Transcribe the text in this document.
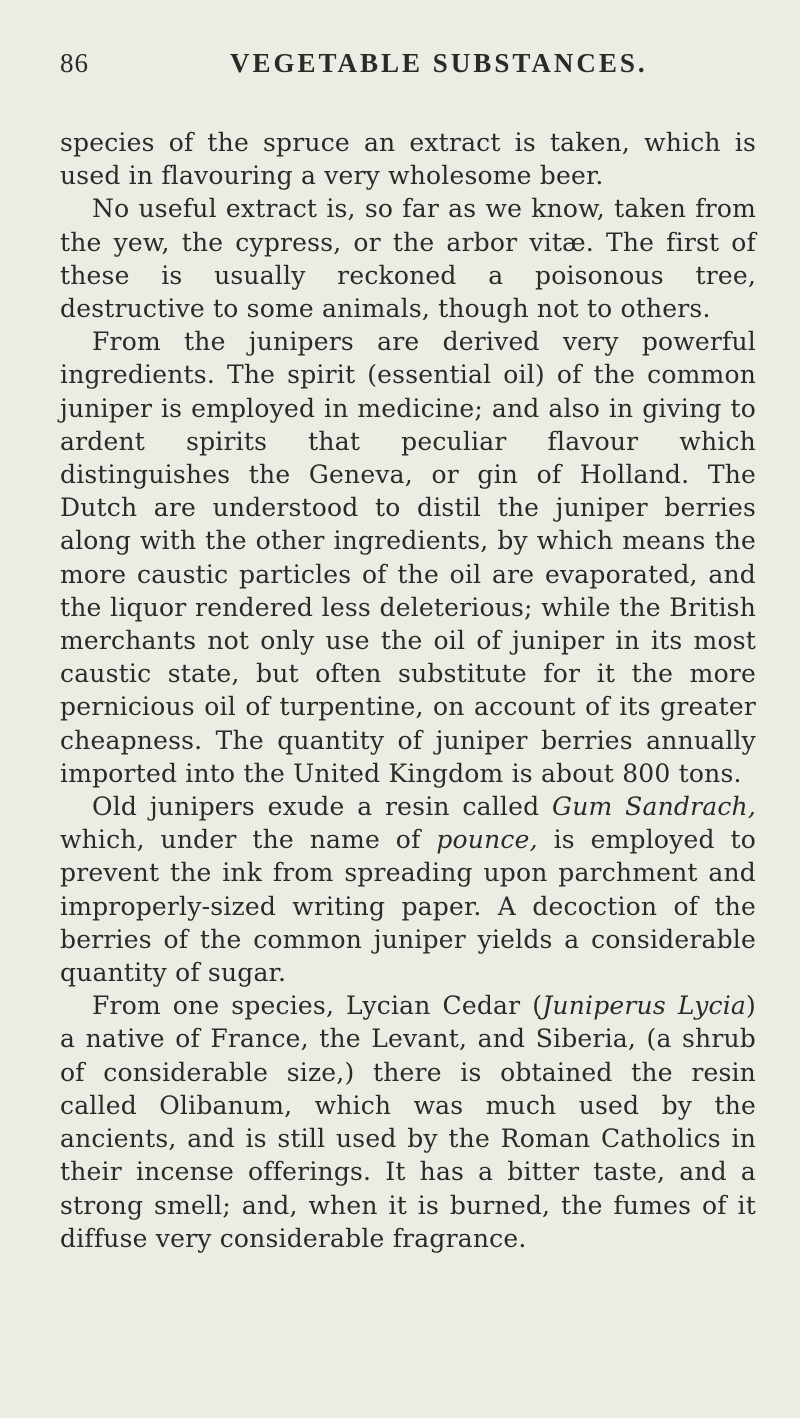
86	VEGETABLE SUBSTANCES.

species of the spruce an extract is taken, which is used in flavouring a very wholesome beer.

No useful extract is, so far as we know, taken from the yew, the cypress, or the arbor vitæ. The first of these is usually reckoned a poisonous tree, destructive to some animals, though not to others.

From the junipers are derived very powerful ingredients. The spirit (essential oil) of the common juniper is employed in medicine; and also in giving to ardent spirits that peculiar flavour which distinguishes the Geneva, or gin of Holland. The Dutch are understood to distil the juniper berries along with the other ingredients, by which means the more caustic particles of the oil are evaporated, and the liquor rendered less deleterious; while the British merchants not only use the oil of juniper in its most caustic state, but often substitute for it the more pernicious oil of turpentine, on account of its greater cheapness. The quantity of juniper berries annually imported into the United Kingdom is about 800 tons.

Old junipers exude a resin called Gum Sandrach, which, under the name of pounce, is employed to prevent the ink from spreading upon parchment and improperly-sized writing paper. A decoction of the berries of the common juniper yields a considerable quantity of sugar.

From one species, Lycian Cedar (Juniperus Lycia) a native of France, the Levant, and Siberia, (a shrub of considerable size,) there is obtained the resin called Olibanum, which was much used by the ancients, and is still used by the Roman Catholics in their incense offerings. It has a bitter taste, and a strong smell; and, when it is burned, the fumes of it diffuse very considerable fragrance.
